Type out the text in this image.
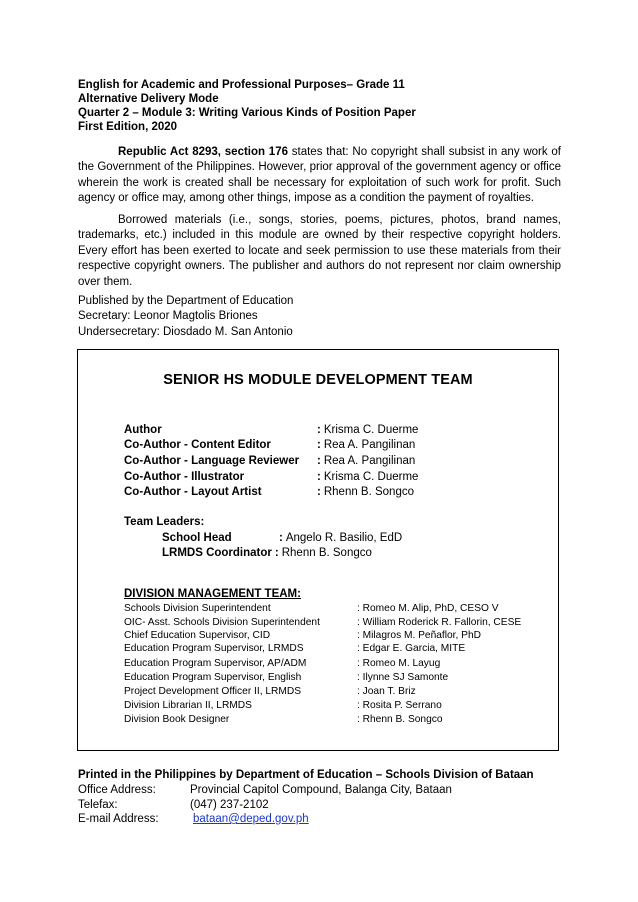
English for Academic and Professional Purposes– Grade 11
Alternative Delivery Mode
Quarter 2 – Module 3: Writing Various Kinds of Position Paper
First Edition, 2020
Republic Act 8293, section 176 states that: No copyright shall subsist in any work of the Government of the Philippines. However, prior approval of the government agency or office wherein the work is created shall be necessary for exploitation of such work for profit. Such agency or office may, among other things, impose as a condition the payment of royalties.
Borrowed materials (i.e., songs, stories, poems, pictures, photos, brand names, trademarks, etc.) included in this module are owned by their respective copyright holders. Every effort has been exerted to locate and seek permission to use these materials from their respective copyright owners. The publisher and authors do not represent nor claim ownership over them.
Published by the Department of Education
Secretary: Leonor Magtolis Briones
Undersecretary: Diosdado M. San Antonio
SENIOR HS MODULE DEVELOPMENT TEAM
Author	: Krisma C. Duerme
Co-Author - Content Editor	: Rea A. Pangilinan
Co-Author - Language Reviewer	: Rea A. Pangilinan
Co-Author - Illustrator	: Krisma C. Duerme
Co-Author - Layout Artist	: Rhenn B. Songco
Team Leaders:
School Head	: Angelo R. Basilio, EdD
LRMDS Coordinator : Rhenn B. Songco
DIVISION MANAGEMENT TEAM:
Schools Division Superintendent	: Romeo M. Alip, PhD, CESO V
OIC- Asst. Schools Division Superintendent	: William Roderick R. Fallorin, CESE
Chief Education Supervisor, CID	: Milagros M. Peñaflor, PhD
Education Program Supervisor, LRMDS	: Edgar E. Garcia, MITE
Education Program Supervisor, AP/ADM	: Romeo M. Layug
Education Program Supervisor, English	: Ilynne SJ Samonte
Project Development Officer II, LRMDS	: Joan T. Briz
Division Librarian II, LRMDS	: Rosita P. Serrano
Division Book Designer	: Rhenn B. Songco
Printed in the Philippines by Department of Education – Schools Division of Bataan
Office Address:	Provincial Capitol Compound, Balanga City, Bataan
Telefax:	(047) 237-2102
E-mail Address:	bataan@deped.gov.ph
